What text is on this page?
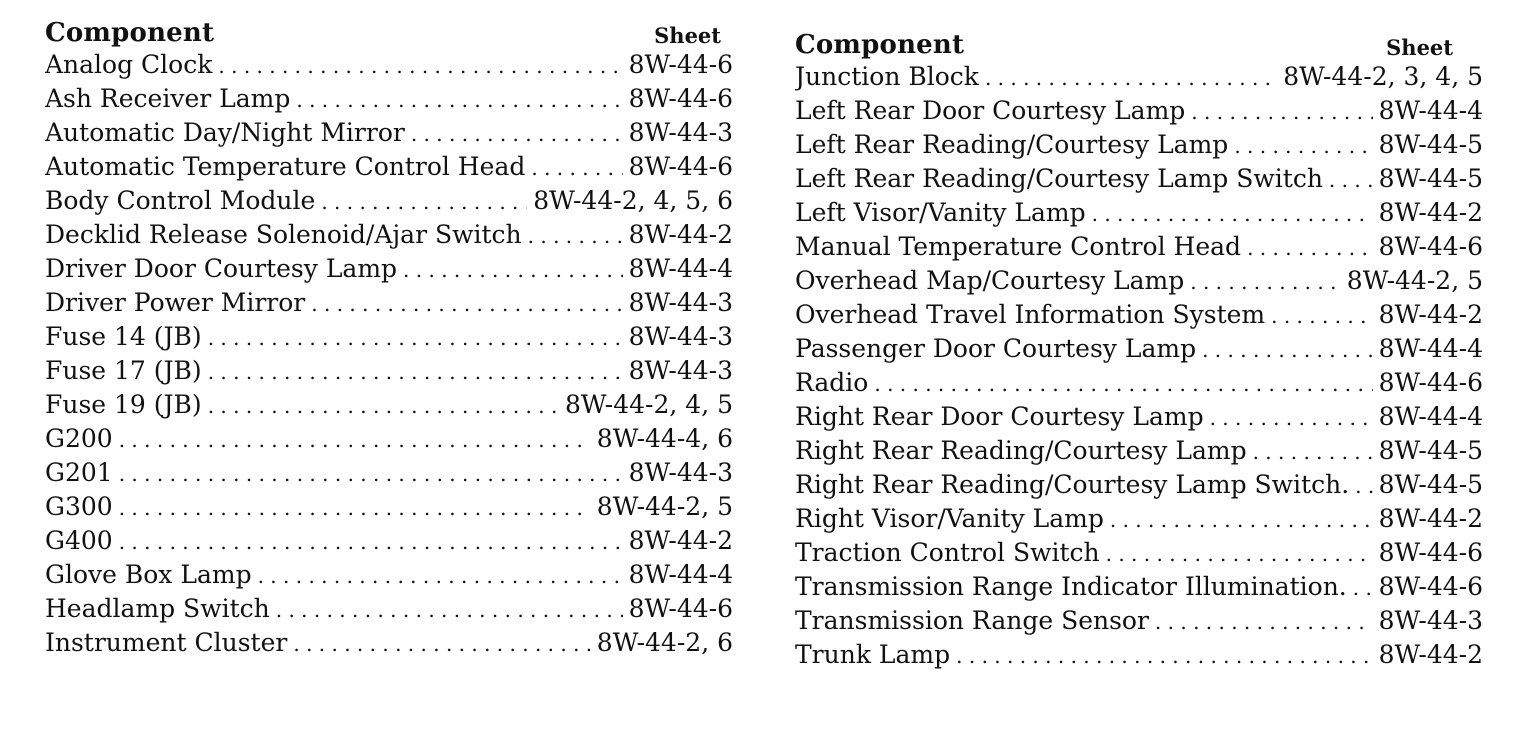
Component	Sheet
Analog Clock . . .	8W-44-6
Ash Receiver Lamp . . .	8W-44-6
Automatic Day/Night Mirror . . .	8W-44-3
Automatic Temperature Control Head . . .	8W-44-6
Body Control Module . . .	8W-44-2, 4, 5, 6
Decklid Release Solenoid/Ajar Switch . . .	8W-44-2
Driver Door Courtesy Lamp . . .	8W-44-4
Driver Power Mirror . . .	8W-44-3
Fuse 14 (JB) . . .	8W-44-3
Fuse 17 (JB) . . .	8W-44-3
Fuse 19 (JB) . . .	8W-44-2, 4, 5
G200 . . .	8W-44-4, 6
G201 . . .	8W-44-3
G300 . . .	8W-44-2, 5
G400 . . .	8W-44-2
Glove Box Lamp . . .	8W-44-4
Headlamp Switch . . .	8W-44-6
Instrument Cluster . . .	8W-44-2, 6
Component	Sheet
Junction Block . . .	8W-44-2, 3, 4, 5
Left Rear Door Courtesy Lamp . . .	8W-44-4
Left Rear Reading/Courtesy Lamp . . .	8W-44-5
Left Rear Reading/Courtesy Lamp Switch . . . 8W-44-5
Left Visor/Vanity Lamp . . .	8W-44-2
Manual Temperature Control Head . . .	8W-44-6
Overhead Map/Courtesy Lamp . . .	8W-44-2, 5
Overhead Travel Information System . . .	8W-44-2
Passenger Door Courtesy Lamp . . .	8W-44-4
Radio . . .	8W-44-6
Right Rear Door Courtesy Lamp . . .	8W-44-4
Right Rear Reading/Courtesy Lamp . . .	8W-44-5
Right Rear Reading/Courtesy Lamp Switch. . . . 8W-44-5
Right Visor/Vanity Lamp . . .	8W-44-2
Traction Control Switch . . .	8W-44-6
Transmission Range Indicator Illumination. . . . 8W-44-6
Transmission Range Sensor . . .	8W-44-3
Trunk Lamp . . .	8W-44-2
